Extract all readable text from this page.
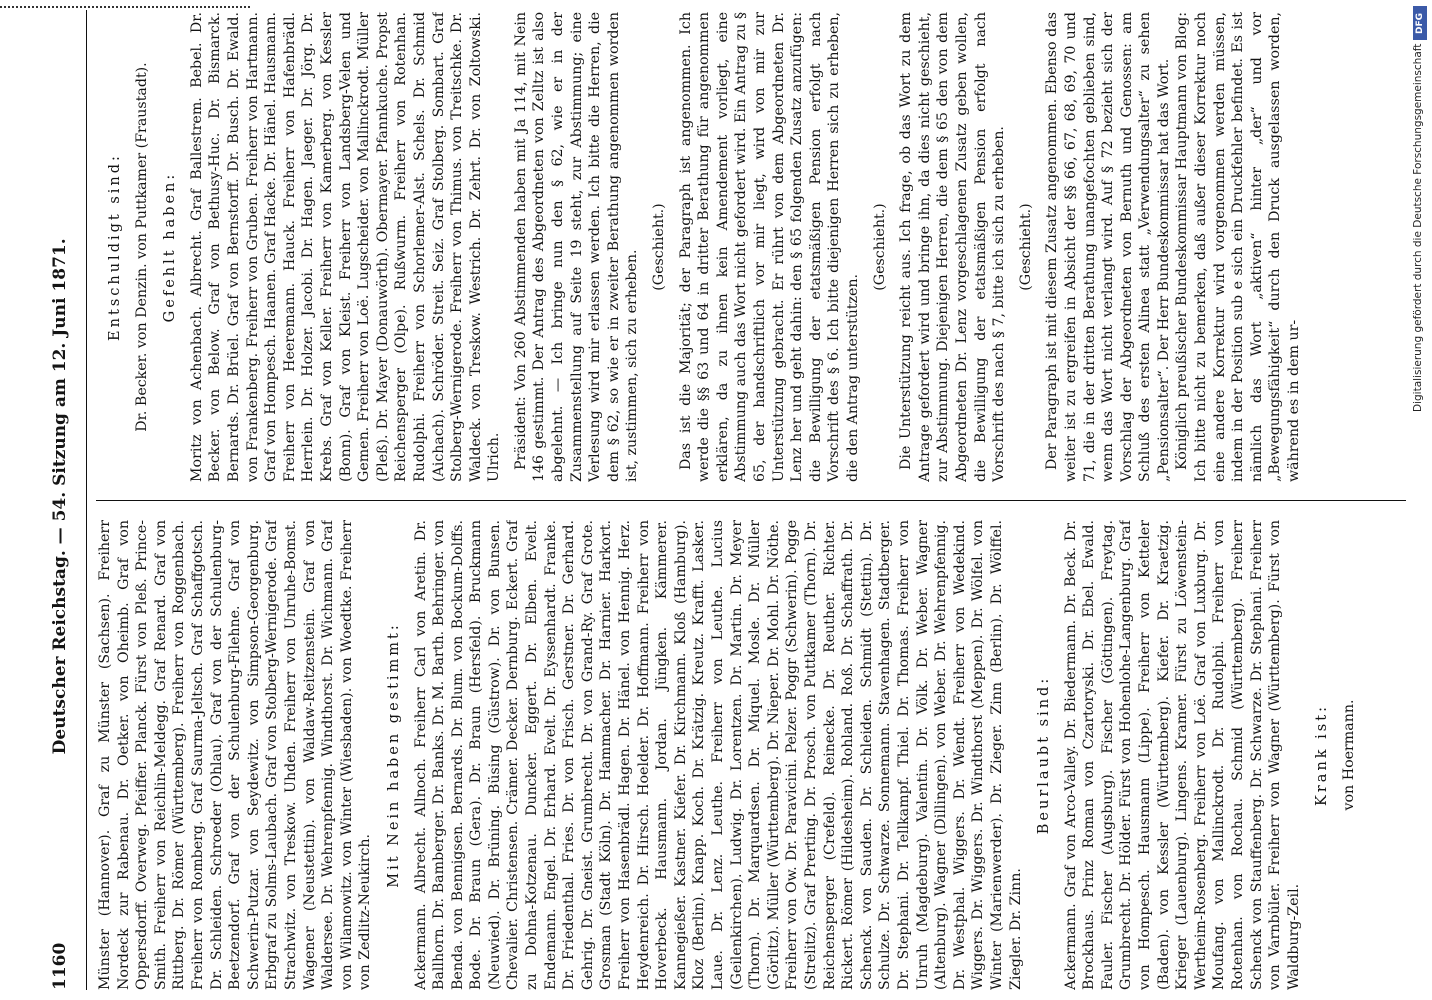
DFG
Digitalisierung gefördert durch die Deutsche Forschungsgemeinschaft
1160
Deutscher Reichstag. — 54. Sitzung am 12. Juni 1871.

Münster (Hannover). Graf zu Münster (Sachsen). Freiherr Nordeck zur Rabenau. Dr. Oetker. von Oheimb. Graf von Oppersdorff. Overweg. Pfeiffer. Planck. Fürst von Pleß. Prince-Smith. Freiherr von Reichlin-Meldegg. Graf Renard. Graf von Rittberg. Dr. Römer (Württemberg). Freiherr von Roggenbach. Freiherr von Romberg. Graf Saurma-Jeltsch. Graf Schaffgotsch. Dr. Schleiden. Schroeder (Ohlau). Graf von der Schulenburg-Beetzendorf. Graf von der Schulenburg-Filehne. Graf von Schwerin-Putzar. von Seydewitz. von Simpson-Georgenburg. Erbgraf zu Solms-Laubach. Graf von Stolberg-Wernigerode. Graf Strachwitz. von Treskow. Uhden. Freiherr von Unruhe-Bomst. Wagener (Neustettin). von Waldaw-Reitzenstein. Graf von Waldersee. Dr. Wehrenpfennig. Windthorst. Dr. Wichmann. Graf von Wilamowitz. von Winter (Wiesbaden). von Woedtke. Freiherr von Zedlitz-Neukirch.

Mit Nein haben gestimmt: Ackermann. Albrecht. Allnoch. Freiherr Carl von Aretin. Dr. Ballhorn. Dr. Bamberger. Dr. Banks. Dr. M. Barth. Behringer. von Benda. von Bennigsen. Bernards. Dr. Blum. von Bockum-Dolffs. Bode. Dr. Braun (Gera). Dr. Braun (Hersfeld). Bruckmann (Neuwied). Dr. Brüning. Büsing (Güstrow). Dr. von Bunsen. Chevalier. Christensen. Crämer. Decker. Dernburg. Eckert. Graf zu Dohna-Kotzenau. Duncker. Eggert. Dr. Elben. Evelt. Endemann. Engel. Dr. Erhard. Evelt. Dr. Eyssenhardt. Franke. Dr. Friedenthal. Fries. Dr. von Frisch. Gerstner. Dr. Gerhard. Gehrig. Dr. Gneist. Grumbrecht. Dr. von Grand-Ry. Graf Grote. Grosman (Stadt Köln). Dr. Hammacher. Dr. Harnier. Harkort. Freiherr von Hasenbrädl. Hagen. Dr. Hänel. von Hennig. Herz. Heydenreich. Dr. Hirsch. Hoelder. Dr. Hoffmann. Freiherr von Hoverbeck. Hausmann. Jordan. Jüngken. Kämmerer. Kannegießer. Kastner. Kiefer. Dr. Kirchmann. Kloß (Hamburg). Kloz (Berlin). Knapp. Koch. Dr. Krätzig. Kreutz. Krafft. Lasker. Laue. Dr. Lenz. Leuthe. Freiherr von Leuthe. Lucius (Geilenkirchen). Ludwig. Dr. Lorentzen. Dr. Martin. Dr. Meyer (Thorn). Dr. Marquardsen. Dr. Miquel. Mosle. Dr. Müller (Görlitz). Müller (Württemberg). Dr. Nieper. Dr. Mohl. Dr. Nöthe. Freiherr von Ow. Dr. Paravicini. Pelzer. Poggr (Schwerin). Pogge (Strelitz). Graf Prerting. Dr. Prosch. von Puttkamer (Thorn). Dr. Reichensperger (Crefeld). Reinecke. Dr. Reuther. Richter. Rickert. Römer (Hildesheim). Rohland. Roß. Dr. Schaffrath. Dr. Schenck. von Sauden. Dr. Schleiden. Schmidt (Stettin). Dr. Schulze. Dr. Schwarze. Sonnemann. Stavenhagen. Stadtberger. Dr. Stephani. Dr. Tellkampf. Thiel. Dr. Thomas. Freiherr von Unruh (Magdeburg). Valentin. Dr. Völk. Dr. Weber. Wagner (Altenburg). Wagner (Dillingen). von Weber. Dr. Wehrenpfennig. Dr. Westphal. Wiggers. Dr. Wendt. Freiherr von Wedekind. Wiggers. Dr. Wiggers. Dr. Windthorst (Meppen). Dr. Wölfel. von Winter (Marienwerder). Dr. Zieger. Zinn (Berlin). Dr. Wölffel. Ziegler. Dr. Zinn.

Beurlaubt sind: Ackermann. Graf von Arco-Valley. Dr. Biedermann. Dr. Beck. Dr. Brockhaus. Prinz Roman von Czartoryski. Dr. Ebel. Ewald. Fauler. Fischer (Augsburg). Fischer (Göttingen). Freytag. Grumbrecht. Dr. Hölder. Fürst von Hohenlohe-Langenburg. Graf von Hompesch. Hausmann (Lippe). Freiherr von Ketteler (Baden). von Kessler (Württemberg). Kiefer. Dr. Kraetzig. Krieger (Lauenburg). Lingens. Kramer. Fürst zu Löwenstein-Wertheim-Rosenberg. Freiherr von Loë. Graf von Luxburg. Dr. Moufang. von Mallinckrodt. Dr. Rudolphi. Freiherr von Rotenhan. von Rochau. Schmid (Württemberg). Freiherr Schenck von Stauffenberg. Dr. Schwarze. Dr. Stephani. Freiherr von Varnbüler. Freiherr von Wagner (Württemberg). Fürst von Waldburg-Zeil.

Krank ist: von Hoermann.
Entschuldigt sind: Dr. Becker. von Denzin. von Puttkamer (Fraustadt). Gefehlt haben: Moritz von Achenbach. Albrecht. Graf Ballestrem. Bebel. Dr. Becker. von Below. Graf von Bethusy-Huc. Dr. Bismarck. Bernards. Dr. Brüel. Graf von Bernstorff. Dr. Busch. Dr. Ewald. von Frankenberg. Freiherr von Gruben. Freiherr von Hartmann. Graf von Hompesch. Haanen. Graf Hacke. Dr. Hänel. Hausmann. Freiherr von Heeremann. Hauck. Freiherr von Hafenbrädl. Herrlein. Dr. Holzer. Jacobi. Dr. Hagen. Jaeger. Dr. Jörg. Dr. Krebs. Graf von Keller. Freiherr von Kamerberg. von Kessler (Bonn). Graf von Kleist. Freiherr von Landsberg-Velen und Gemen. Freiherr von Loë. Lugscheider. von Mallinckrodt. Müller (Pleß). Dr. Mayer (Donauwörth). Obermayer. Pfannkuche. Propst Reichensperger (Olpe). Rußwurm. Freiherr von Rotenhan. Rudolphi. Freiherr von Schorlemer-Alst. Schels. Dr. Schmid (Aichach). Schröder. Streit. Seiz. Graf Stolberg. Sombart. Graf Stolberg-Wernigerode. Freiherr von Thimus. von Treitschke. Dr. Waldeck. von Treskow. Westrich. Dr. Zehrt. Dr. von Zoltowski. Ulrich. Präsident: Von 260 Abstimmenden haben mit Ja 114, mit Nein 146 gestimmt. Der Antrag des Abgeordneten von Zelltz ist also abgelehnt. — Ich bringe nun den § 62, wie er in der Zusammenstellung auf Seite 19 steht, zur Abstimmung; eine Verlesung wird mir erlassen werden. Ich bitte die Herren, die dem § 62, so wie er in zweiter Berathung angenommen worden ist, zustimmen, sich zu erheben.

(Geschieht.) Das ist die Majorität; der Paragraph ist angenommen. Ich werde die §§ 63 und 64 in dritter Berathung für angenommen erklären, da zu ihnen kein Amendement vorliegt, eine Abstimmung auch das Wort nicht gefordert wird. Ein Antrag zu § 65, der handschriftlich vor mir liegt, wird von mir zur Unterstützung gebracht. Er rührt von dem Abgeordneten Dr. Lenz her und geht dahin: den § 65 folgenden Zusatz anzufügen: die Bewilligung der etatsmäßigen Pension erfolgt nach Vorschrift des § 6. Ich bitte diejenigen Herren sich zu erheben, die den Antrag unterstützen.

(Geschieht.) Die Unterstützung reicht aus. Ich frage, ob das Wort zu dem Antrage gefordert wird und bringe ihn, da dies nicht geschieht, zur Abstimmung. Diejenigen Herren, die dem § 65 den von dem Abgeordneten Dr. Lenz vorgeschlagenen Zusatz geben wollen, die Bewilligung der etatsmäßigen Pension erfolgt nach Vorschrift des nach § 7, bitte ich sich zu erheben. (Geschieht.) Der Paragraph ist mit diesem Zusatz angenommen. Ebenso das weiter ist zu ergreifen in Absicht der §§ 66, 67, 68, 69, 70 und 71, die in der dritten Berathung unangefochten geblieben sind, wenn das Wort nicht verlangt wird. Auf § 72 bezieht sich der Vorschlag der Abgeordneten von Bernuth und Genossen: am Schluß des ersten Alinea statt „Verwendungsalter“ zu sehen „Pensionsalter“. Der Herr Bundeskommissar hat das Wort. Königlich preußischer Bundeskommissar Hauptmann von Blog: Ich bitte nicht zu bemerken, daß außer dieser Korrektur noch eine andere Korrektur wird vorgenommen werden müssen, indem in der Position sub e sich ein Druckfehler befindet. Es ist nämlich das Wort „aktiven“ hinter „der“ und vor „Bewegungsfähigkeit“ durch den Druck ausgelassen worden, während es in dem ur-
